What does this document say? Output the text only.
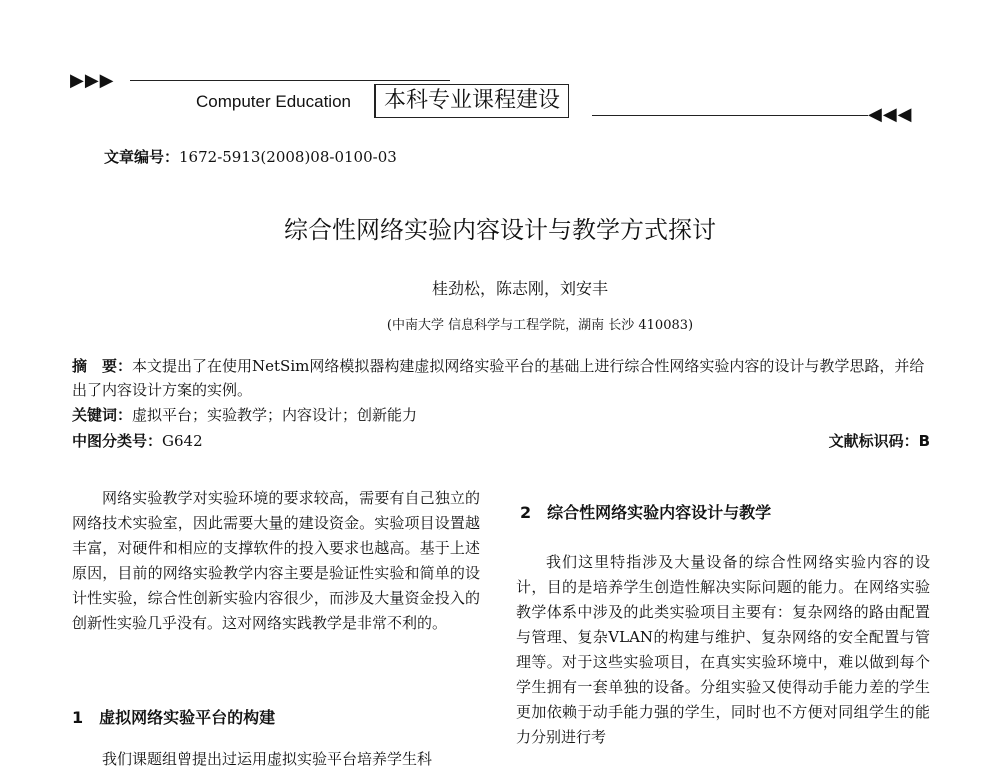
▶▶▶
Computer Education	本科专业课程建设
◀◀◀
文章编号：1672-5913(2008)08-0100-03
综合性网络实验内容设计与教学方式探讨
桂劲松，陈志刚，刘安丰
(中南大学 信息科学与工程学院，湖南 长沙 410083)
摘　要：本文提出了在使用NetSim网络模拟器构建虚拟网络实验平台的基础上进行综合性网络实验内容的设计与教学思路，并给出了内容设计方案的实例。
关键词：虚拟平台；实验教学；内容设计；创新能力
中图分类号：G642	文献标识码：B

网络实验教学对实验环境的要求较高，需要有自己独立的网络技术实验室，因此需要大量的建设资金。实验项目设置越丰富，对硬件和相应的支撑软件的投入要求也越高。基于上述原因，目前的网络实验教学内容主要是验证性实验和简单的设计性实验，综合性创新实验内容很少，而涉及大量资金投入的创新性实验几乎没有。这对网络实践教学是非常不利的。

1　虚拟网络实验平台的构建
我们课题组曾提出过运用虚拟实验平台培养学生科
2　综合性网络实验内容设计与教学

我们这里特指涉及大量设备的综合性网络实验内容的设计，目的是培养学生创造性解决实际问题的能力。在网络实验教学体系中涉及的此类实验项目主要有：复杂网络的路由配置与管理、复杂VLAN的构建与维护、复杂网络的安全配置与管理等。对于这些实验项目，在真实实验环境中，难以做到每个学生拥有一套单独的设备。分组实验又使得动手能力差的学生更加依赖于动手能力强的学生，同时也不方便对同组学生的能力分别进行考
